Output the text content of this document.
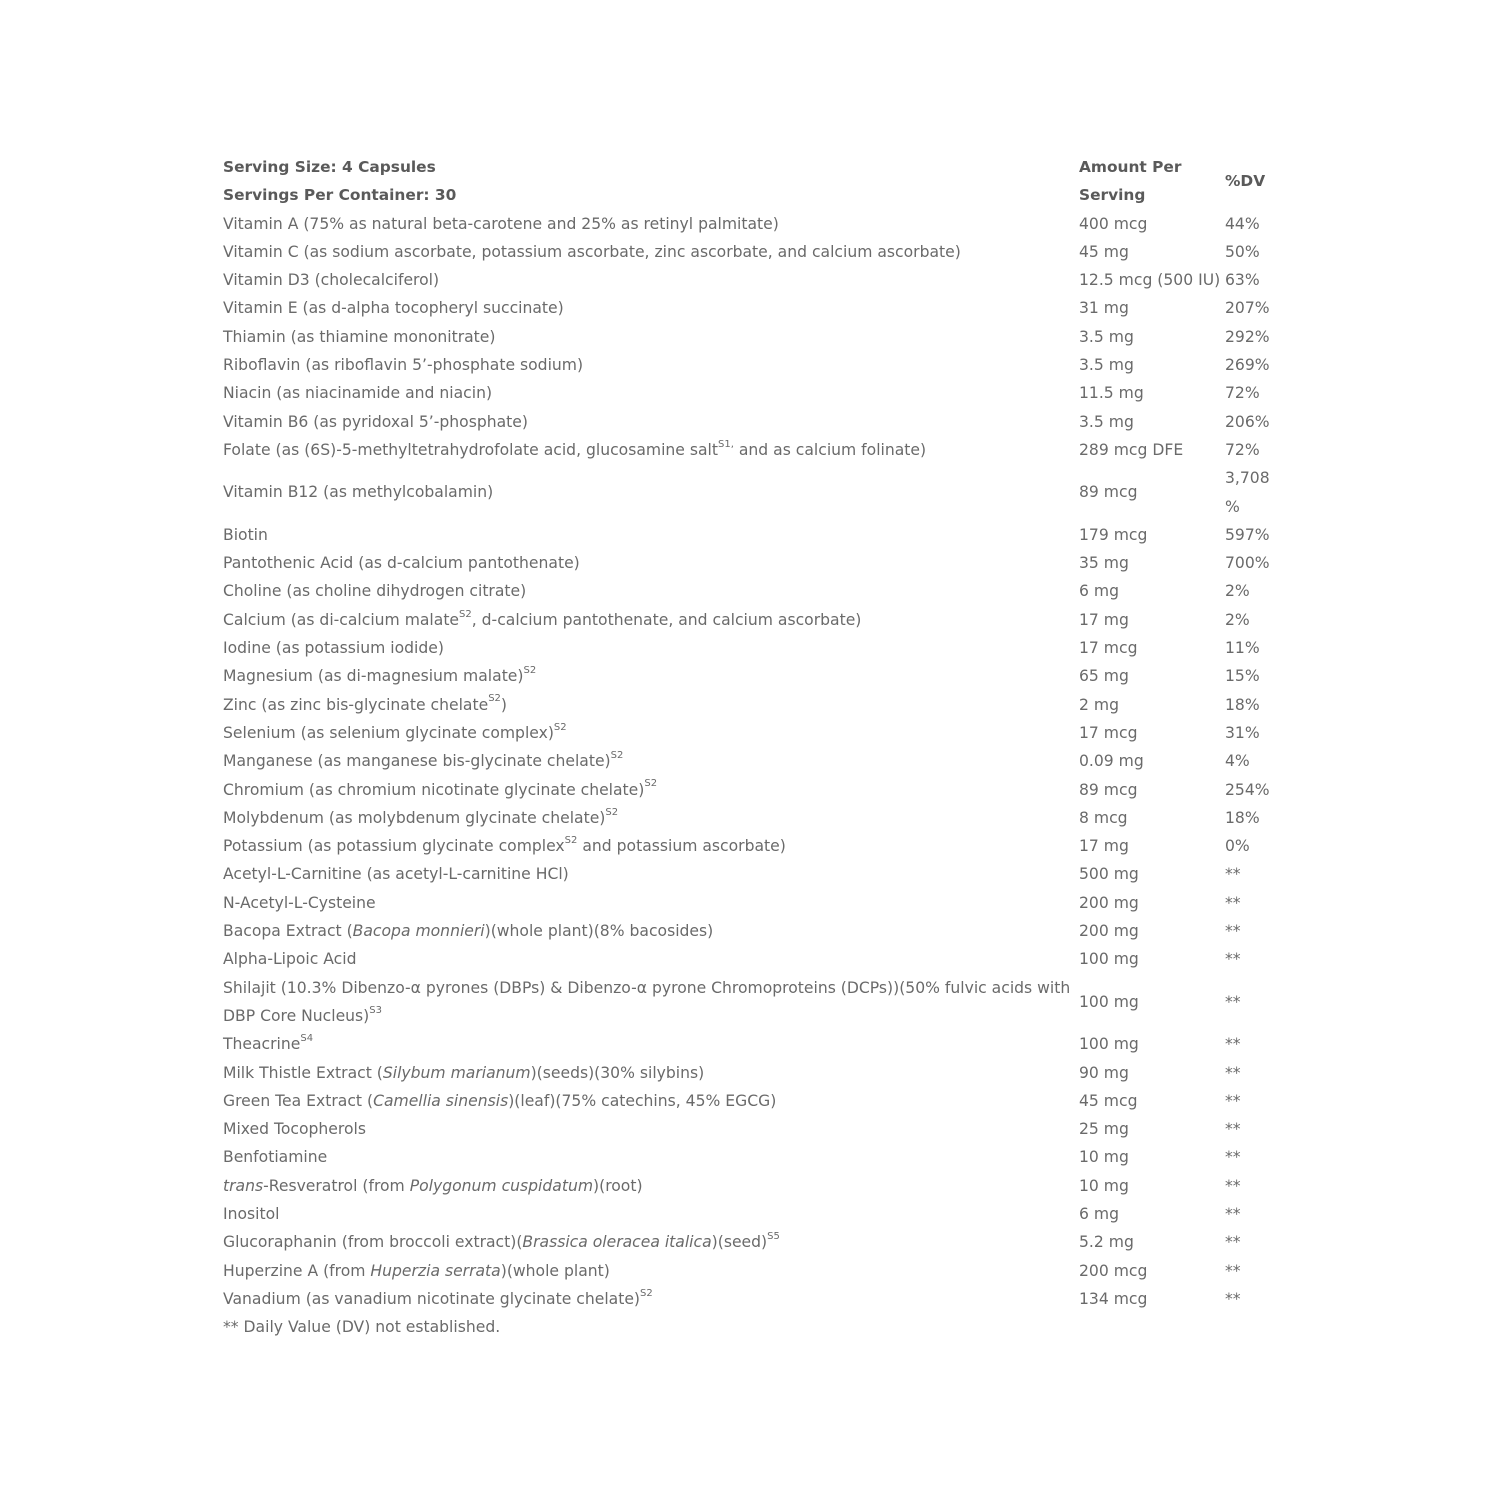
Serving Size: 4 Capsules	Amount Per	%DV
Servings Per Container: 30	Serving	
Vitamin A (75% as natural beta-carotene and 25% as retinyl palmitate)	400 mcg	44%
Vitamin C (as sodium ascorbate, potassium ascorbate, zinc ascorbate, and calcium ascorbate)	45 mg	50%
Vitamin D3 (cholecalciferol)	12.5 mcg (500 IU)	63%
Vitamin E (as d-alpha tocopheryl succinate)	31 mg	207%
Thiamin (as thiamine mononitrate)	3.5 mg	292%
Riboflavin (as riboflavin 5’-phosphate sodium)	3.5 mg	269%
Niacin (as niacinamide and niacin)	11.5 mg	72%
Vitamin B6 (as pyridoxal 5’-phosphate)	3.5 mg	206%
Folate (as (6S)-5-methyltetrahydrofolate acid, glucosamine salt$^{S1,}$ and as calcium folinate)	289 mcg DFE	72%
Vitamin B12 (as methylcobalamin)	89 mcg	3,708 %
Biotin	179 mcg	597%
Pantothenic Acid (as d-calcium pantothenate)	35 mg	700%
Choline (as choline dihydrogen citrate)	6 mg	2%
Calcium (as di-calcium malate$^{S2}$, d-calcium pantothenate, and calcium ascorbate)	17 mg	2%
Iodine (as potassium iodide)	17 mcg	11%
Magnesium (as di-magnesium malate)$^{S2}$	65 mg	15%
Zinc (as zinc bis-glycinate chelate$^{S2}$)	2 mg	18%
Selenium (as selenium glycinate complex)$^{S2}$	17 mcg	31%
Manganese (as manganese bis-glycinate chelate)$^{S2}$	0.09 mg	4%
Chromium (as chromium nicotinate glycinate chelate)$^{S2}$	89 mcg	254%
Molybdenum (as molybdenum glycinate chelate)$^{S2}$	8 mcg	18%
Potassium (as potassium glycinate complex$^{S2}$ and potassium ascorbate)	17 mg	0%
Acetyl-L-Carnitine (as acetyl-L-carnitine HCl)	500 mg	**
N-Acetyl-L-Cysteine	200 mg	**
Bacopa Extract (Bacopa monnieri)(whole plant)(8% bacosides)	200 mg	**
Alpha-Lipoic Acid	100 mg	**
Shilajit (10.3% Dibenzo-α pyrones (DBPs) & Dibenzo-α pyrone Chromoproteins (DCPs))(50% fulvic acids with DBP Core Nucleus)$^{S3}$	100 mg	**
Theacrine$^{S4}$	100 mg	**
Milk Thistle Extract (Silybum marianum)(seeds)(30% silybins)	90 mg	**
Green Tea Extract (Camellia sinensis)(leaf)(75% catechins, 45% EGCG)	45 mcg	**
Mixed Tocopherols	25 mg	**
Benfotiamine	10 mg	**
trans-Resveratrol (from Polygonum cuspidatum)(root)	10 mg	**
Inositol	6 mg	**
Glucoraphanin (from broccoli extract)(Brassica oleracea italica)(seed)$^{S5}$	5.2 mg	**
Huperzine A (from Huperzia serrata)(whole plant)	200 mcg	**
Vanadium (as vanadium nicotinate glycinate chelate)$^{S2}$	134 mcg	**
** Daily Value (DV) not established.
